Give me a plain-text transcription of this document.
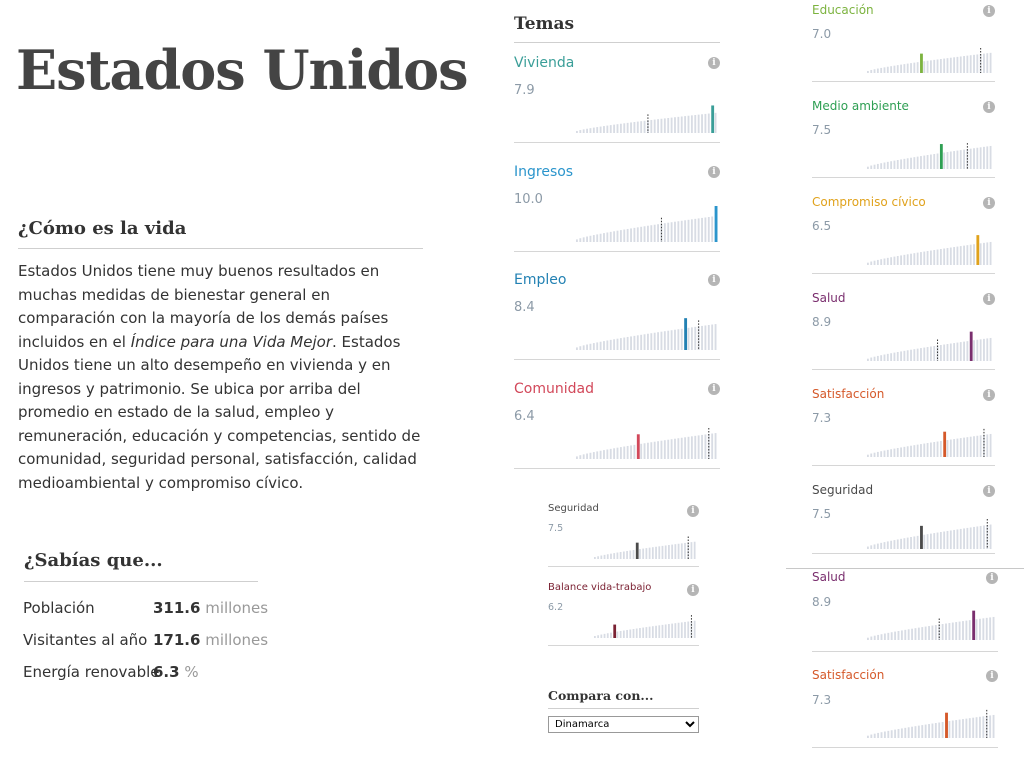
Estados Unidos
¿Cómo es la vida

Estados Unidos tiene muy buenos resultados en muchas medidas de bienestar general en comparación con la mayoría de los demás países incluidos en el Índice para una Vida Mejor. Estados Unidos tiene un alto desempeño en vivienda y en ingresos y patrimonio. Se ubica por arriba del promedio en estado de la salud, empleo y remuneración, educación y competencias, sentido de comunidad, seguridad personal, satisfacción, calidad medioambiental y compromiso cívico.

¿Sabías que...
Población	311.6 millones
Visitantes al año 171.6 millones
Energía renovable
6.3 %
Temas
Vivienda
7.9
i
Ingresos
10.0
i
Empleo
8.4
i
Comunidad
6.4
i
Educación
7.0
i
Medio ambiente
7.5
i
Compromiso cívico
6.5
i
Salud
8.9
i
Satisfacción
7.3
i
Seguridad
7.5
i
Seguridad
7.5
i
Balance vida-trabajo
6.2
i
Salud
8.9
i
Satisfacción
7.3
i
Compara con...
Dinamarca
